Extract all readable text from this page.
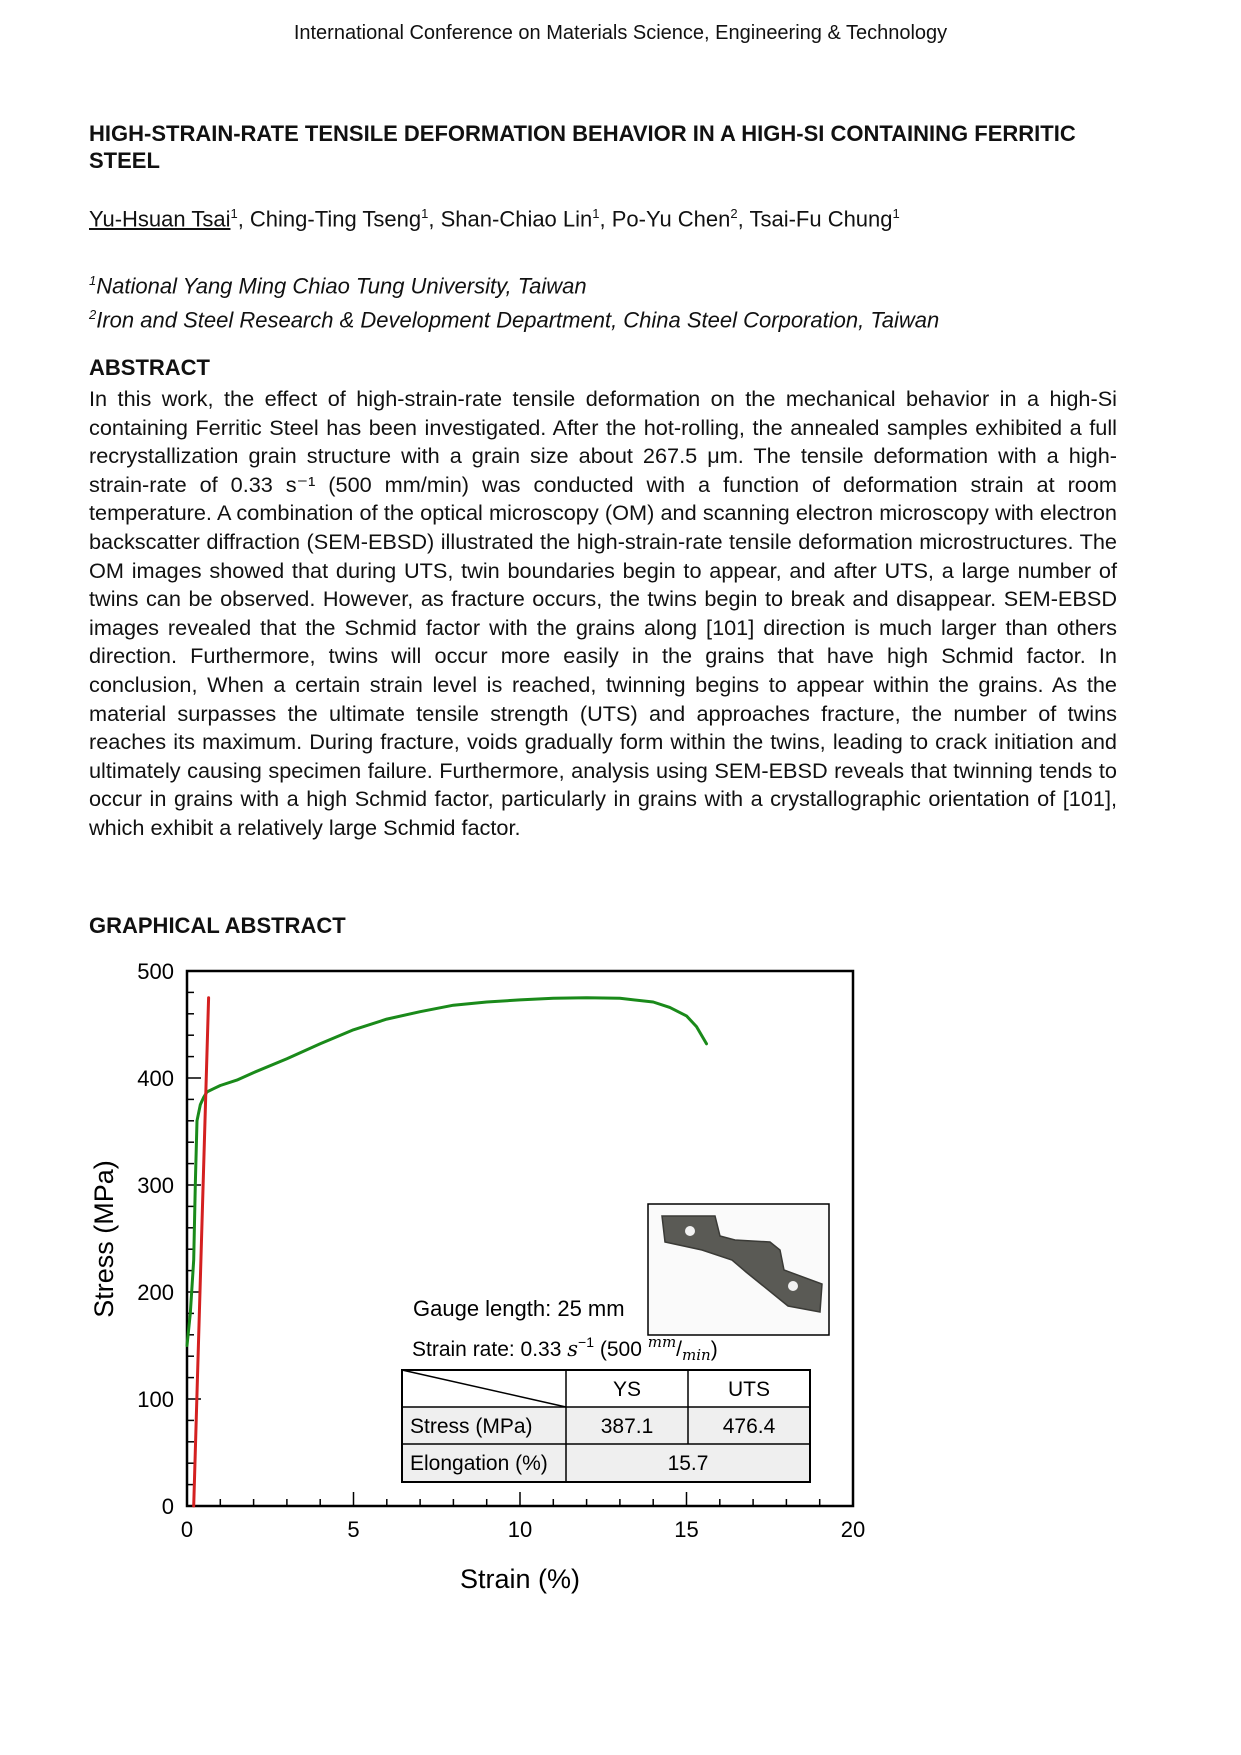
International Conference on Materials Science, Engineering & Technology
HIGH-STRAIN-RATE TENSILE DEFORMATION BEHAVIOR IN A HIGH-SI CONTAINING FERRITIC STEEL

Yu-Hsuan Tsai$^1$, Ching-Ting Tseng$^1$, Shan-Chiao Lin$^1$, Po-Yu Chen$^2$, Tsai-Fu Chung$^1$

$^1$National Yang Ming Chiao Tung University, Taiwan
$^2$Iron and Steel Research & Development Department, China Steel Corporation, Taiwan
ABSTRACT

In this work, the effect of high-strain-rate tensile deformation on the mechanical behavior in a high-Si containing Ferritic Steel has been investigated. After the hot-rolling, the annealed samples exhibited a full recrystallization grain structure with a grain size about 267.5 μm. The tensile deformation with a high- strain-rate of 0.33 s⁻¹ (500 mm/min) was conducted with a function of deformation strain at room temperature. A combination of the optical microscopy (OM) and scanning electron microscopy with electron backscatter diffraction (SEM-EBSD) illustrated the high-strain-rate tensile deformation microstructures. The OM images showed that during UTS, twin boundaries begin to appear, and after UTS, a large number of twins can be observed. However, as fracture occurs, the twins begin to break and disappear. SEM-EBSD images revealed that the Schmid factor with the grains along [101] direction is much larger than others direction. Furthermore, twins will occur more easily in the grains that have high Schmid factor. In conclusion, When a certain strain level is reached, twinning begins to appear within the grains. As the material surpasses the ultimate tensile strength (UTS) and approaches fracture, the number of twins reaches its maximum. During fracture, voids gradually form within the twins, leading to crack initiation and ultimately causing specimen failure. Furthermore, analysis using SEM-EBSD reveals that twinning tends to occur in grains with a high Schmid factor, particularly in grains with a crystallographic orientation of [101], which exhibit a relatively large Schmid factor.

GRAPHICAL ABSTRACT
0	5	10	15	20
0
100
200
300
400
500
Strain (%)
Stress (MPa)	Gauge length: 25 mm
Strain rate: 0.33 $s^{-1}$ (500 $^{mm}$/min)
YS	UTS
Stress (MPa)	387.1	476.4
Elongation (%)	15.7
